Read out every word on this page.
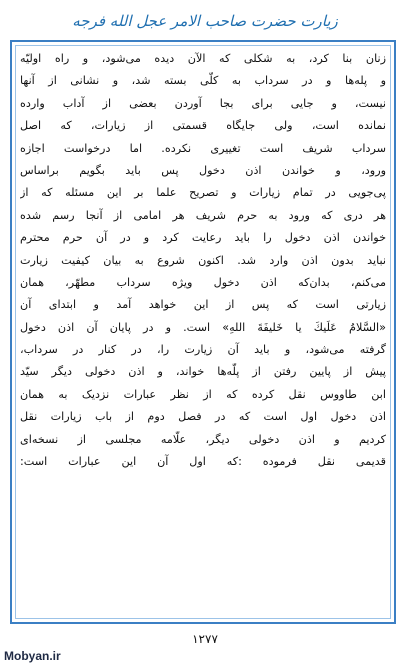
زیارت حضرت صاحب الامر عجل الله فرجه
زنان بنا کرد، به شکلی که الآن دیده می‌شود، و راه اولیّه
و پله‌ها و در سرداب به کلّی بسته شد، و نشانی از آنها
نیست، و جایی برای بجا آوردن بعضی از آداب وارده
نمانده است، ولی جایگاه قسمتی از زیارات، که اصل
سرداب شریف است تغییری نکرده. اما درخواست اجازه
ورود، و خواندن اذن دخول پس باید بگویم براساس
پی‌جویی در تمام زیارات و تصریح علما بر این مسئله که از
هر دری که ورود به حرم شریف هر امامی از آنجا رسم شده
خواندن اذن دخول را باید رعایت کرد و در آن حرم محترم
نباید بدون اذن وارد شد. اکنون شروع به بیان کیفیت زیارت
می‌کنم، بدان‌که اذن دخول ویژه سرداب مطهّر، همان
زیارتی است که پس از این خواهد آمد و ابتدای آن
«السَّلامُ عَلَيكَ يا خَليفَةَ اللهِ» است. و در پایان آن اذن دخول
گرفته می‌شود، و باید آن زیارت را، در کنار در سرداب،
پیش از پایین رفتن از پلّه‌ها خواند، و اذن دخولی دیگر سیّد
ابن طاووس نقل کرده که از نظر عبارات نزدیک به همان
اذن دخول اول است که در فصل دوم از باب زیارات نقل
کردیم و اذن دخولی دیگر، علّامه مجلسی از نسخه‌ای
قدیمی نقل فرموده :که اول آن این عبارات است:
۱۲۷۷
Mobyan.ir
